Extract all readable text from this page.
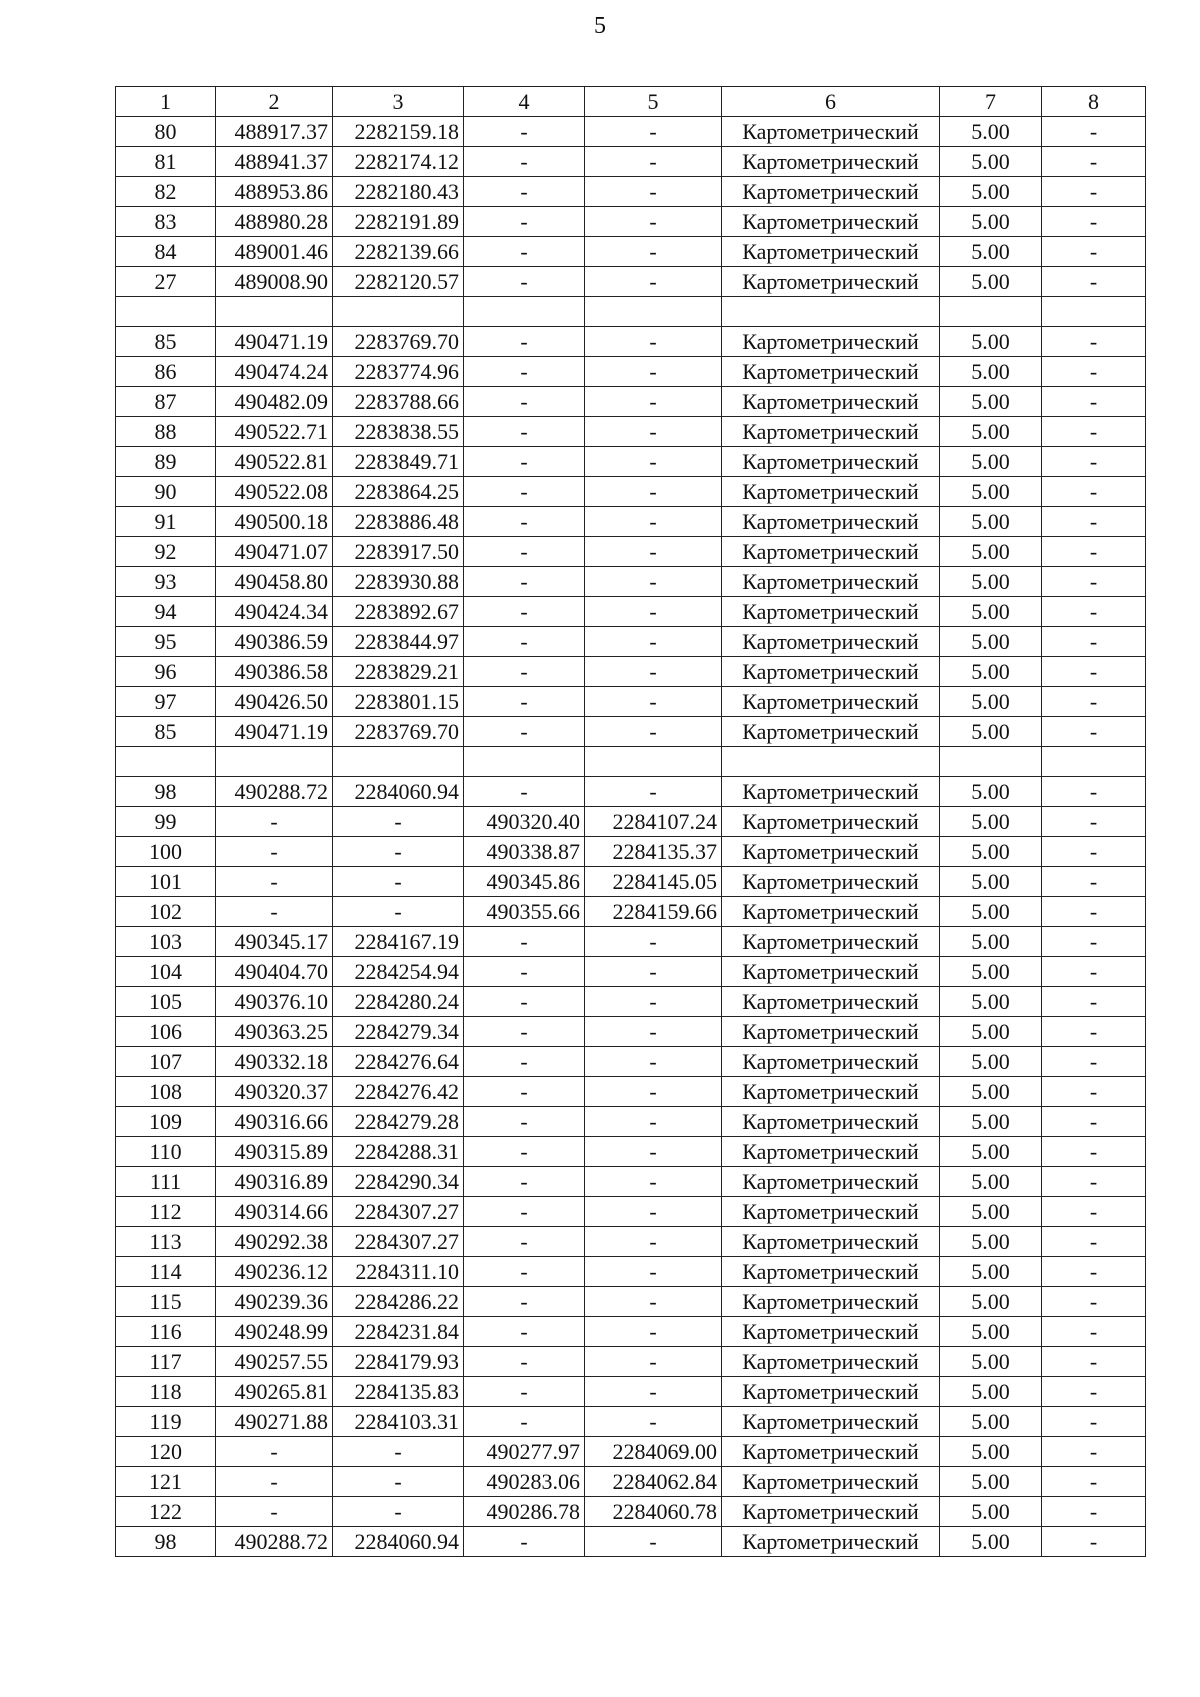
5
1	2	3	4	5	6	7	8
80	488917.37	2282159.18	-	-	Картометрический	5.00	-
81	488941.37	2282174.12	-	-	Картометрический	5.00	-
82	488953.86	2282180.43	-	-	Картометрический	5.00	-
83	488980.28	2282191.89	-	-	Картометрический	5.00	-
84	489001.46	2282139.66	-	-	Картометрический	5.00	-
27	489008.90	2282120.57	-	-	Картометрический	5.00	-

85	490471.19	2283769.70	-	-	Картометрический	5.00	-
86	490474.24	2283774.96	-	-	Картометрический	5.00	-
87	490482.09	2283788.66	-	-	Картометрический	5.00	-
88	490522.71	2283838.55	-	-	Картометрический	5.00	-
89	490522.81	2283849.71	-	-	Картометрический	5.00	-
90	490522.08	2283864.25	-	-	Картометрический	5.00	-
91	490500.18	2283886.48	-	-	Картометрический	5.00	-
92	490471.07	2283917.50	-	-	Картометрический	5.00	-
93	490458.80	2283930.88	-	-	Картометрический	5.00	-
94	490424.34	2283892.67	-	-	Картометрический	5.00	-
95	490386.59	2283844.97	-	-	Картометрический	5.00	-
96	490386.58	2283829.21	-	-	Картометрический	5.00	-
97	490426.50	2283801.15	-	-	Картометрический	5.00	-
85	490471.19	2283769.70	-	-	Картометрический	5.00	-

98	490288.72	2284060.94	-	-	Картометрический	5.00	-
99	-	-	490320.40	2284107.24	Картометрический	5.00	-
100	-	-	490338.87	2284135.37	Картометрический	5.00	-
101	-	-	490345.86	2284145.05	Картометрический	5.00	-
102	-	-	490355.66	2284159.66	Картометрический	5.00	-
103	490345.17	2284167.19	-	-	Картометрический	5.00	-
104	490404.70	2284254.94	-	-	Картометрический	5.00	-
105	490376.10	2284280.24	-	-	Картометрический	5.00	-
106	490363.25	2284279.34	-	-	Картометрический	5.00	-
107	490332.18	2284276.64	-	-	Картометрический	5.00	-
108	490320.37	2284276.42	-	-	Картометрический	5.00	-
109	490316.66	2284279.28	-	-	Картометрический	5.00	-
110	490315.89	2284288.31	-	-	Картометрический	5.00	-
111	490316.89	2284290.34	-	-	Картометрический	5.00	-
112	490314.66	2284307.27	-	-	Картометрический	5.00	-
113	490292.38	2284307.27	-	-	Картометрический	5.00	-
114	490236.12	2284311.10	-	-	Картометрический	5.00	-
115	490239.36	2284286.22	-	-	Картометрический	5.00	-
116	490248.99	2284231.84	-	-	Картометрический	5.00	-
117	490257.55	2284179.93	-	-	Картометрический	5.00	-
118	490265.81	2284135.83	-	-	Картометрический	5.00	-
119	490271.88	2284103.31	-	-	Картометрический	5.00	-
120	-	-	490277.97	2284069.00	Картометрический	5.00	-
121	-	-	490283.06	2284062.84	Картометрический	5.00	-
122	-	-	490286.78	2284060.78	Картометрический	5.00	-
98	490288.72	2284060.94	-	-	Картометрический	5.00	-
